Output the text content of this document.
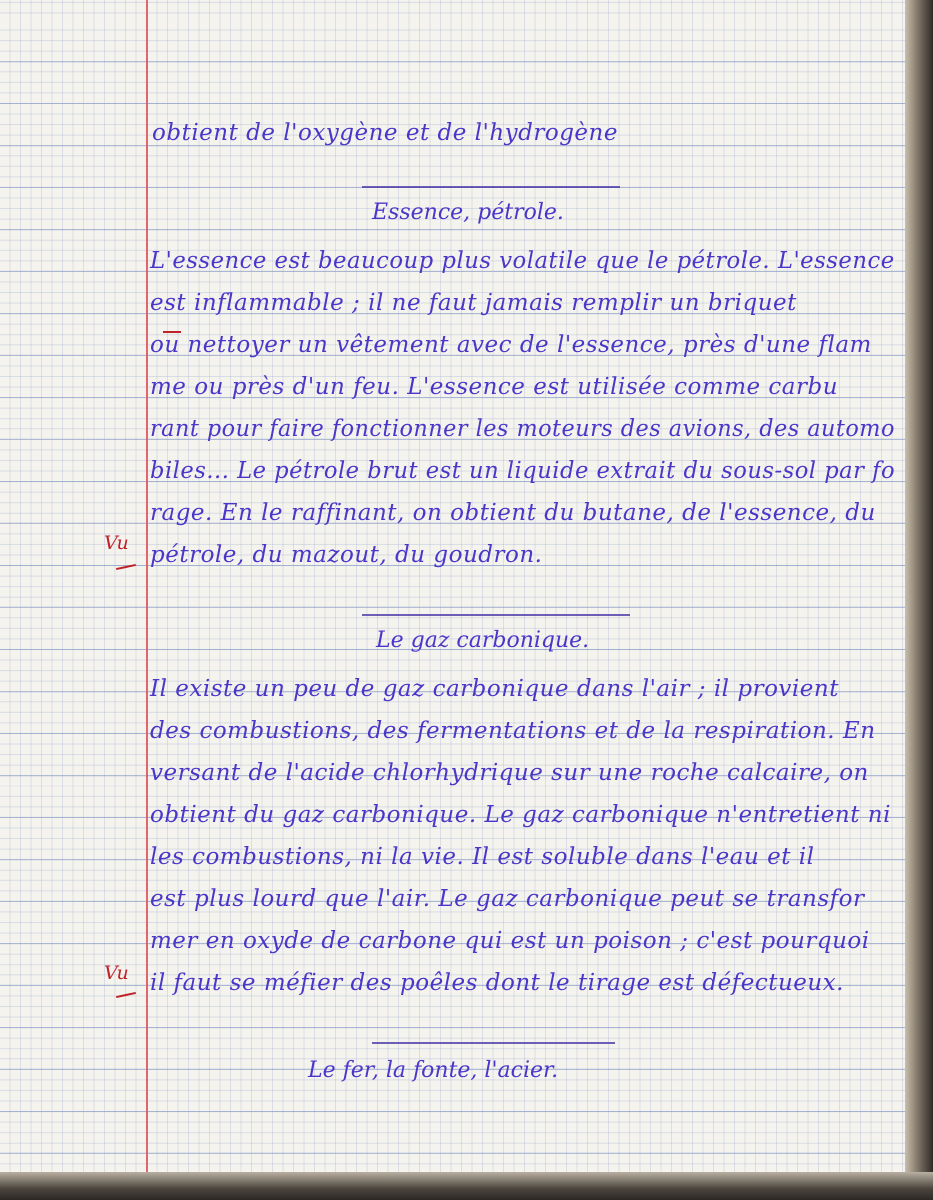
obtient de l'oxygène et de l'hydrogène
Essence, pétrole.
L'essence est beaucoup plus volatile que le pétrole. L'essence
est inflammable ; il ne faut jamais remplir un briquet
ou nettoyer un vêtement avec de l'essence, près d'une flam
me ou près d'un feu. L'essence est utilisée comme carbu
rant pour faire fonctionner les moteurs des avions, des automo
biles... Le pétrole brut est un liquide extrait du sous-sol par fo
rage. En le raffinant, on obtient du butane, de l'essence, du
pétrole, du mazout, du goudron.
Vu
Le gaz carbonique.
Il existe un peu de gaz carbonique dans l'air ; il provient
des combustions, des fermentations et de la respiration. En
versant de l'acide chlorhydrique sur une roche calcaire, on
obtient du gaz carbonique. Le gaz carbonique n'entretient ni
les combustions, ni la vie. Il est soluble dans l'eau et il
est plus lourd que l'air. Le gaz carbonique peut se transfor
mer en oxyde de carbone qui est un poison ; c'est pourquoi
il faut se méfier des poêles dont le tirage est défectueux.
Vu
Le fer, la fonte, l'acier.
